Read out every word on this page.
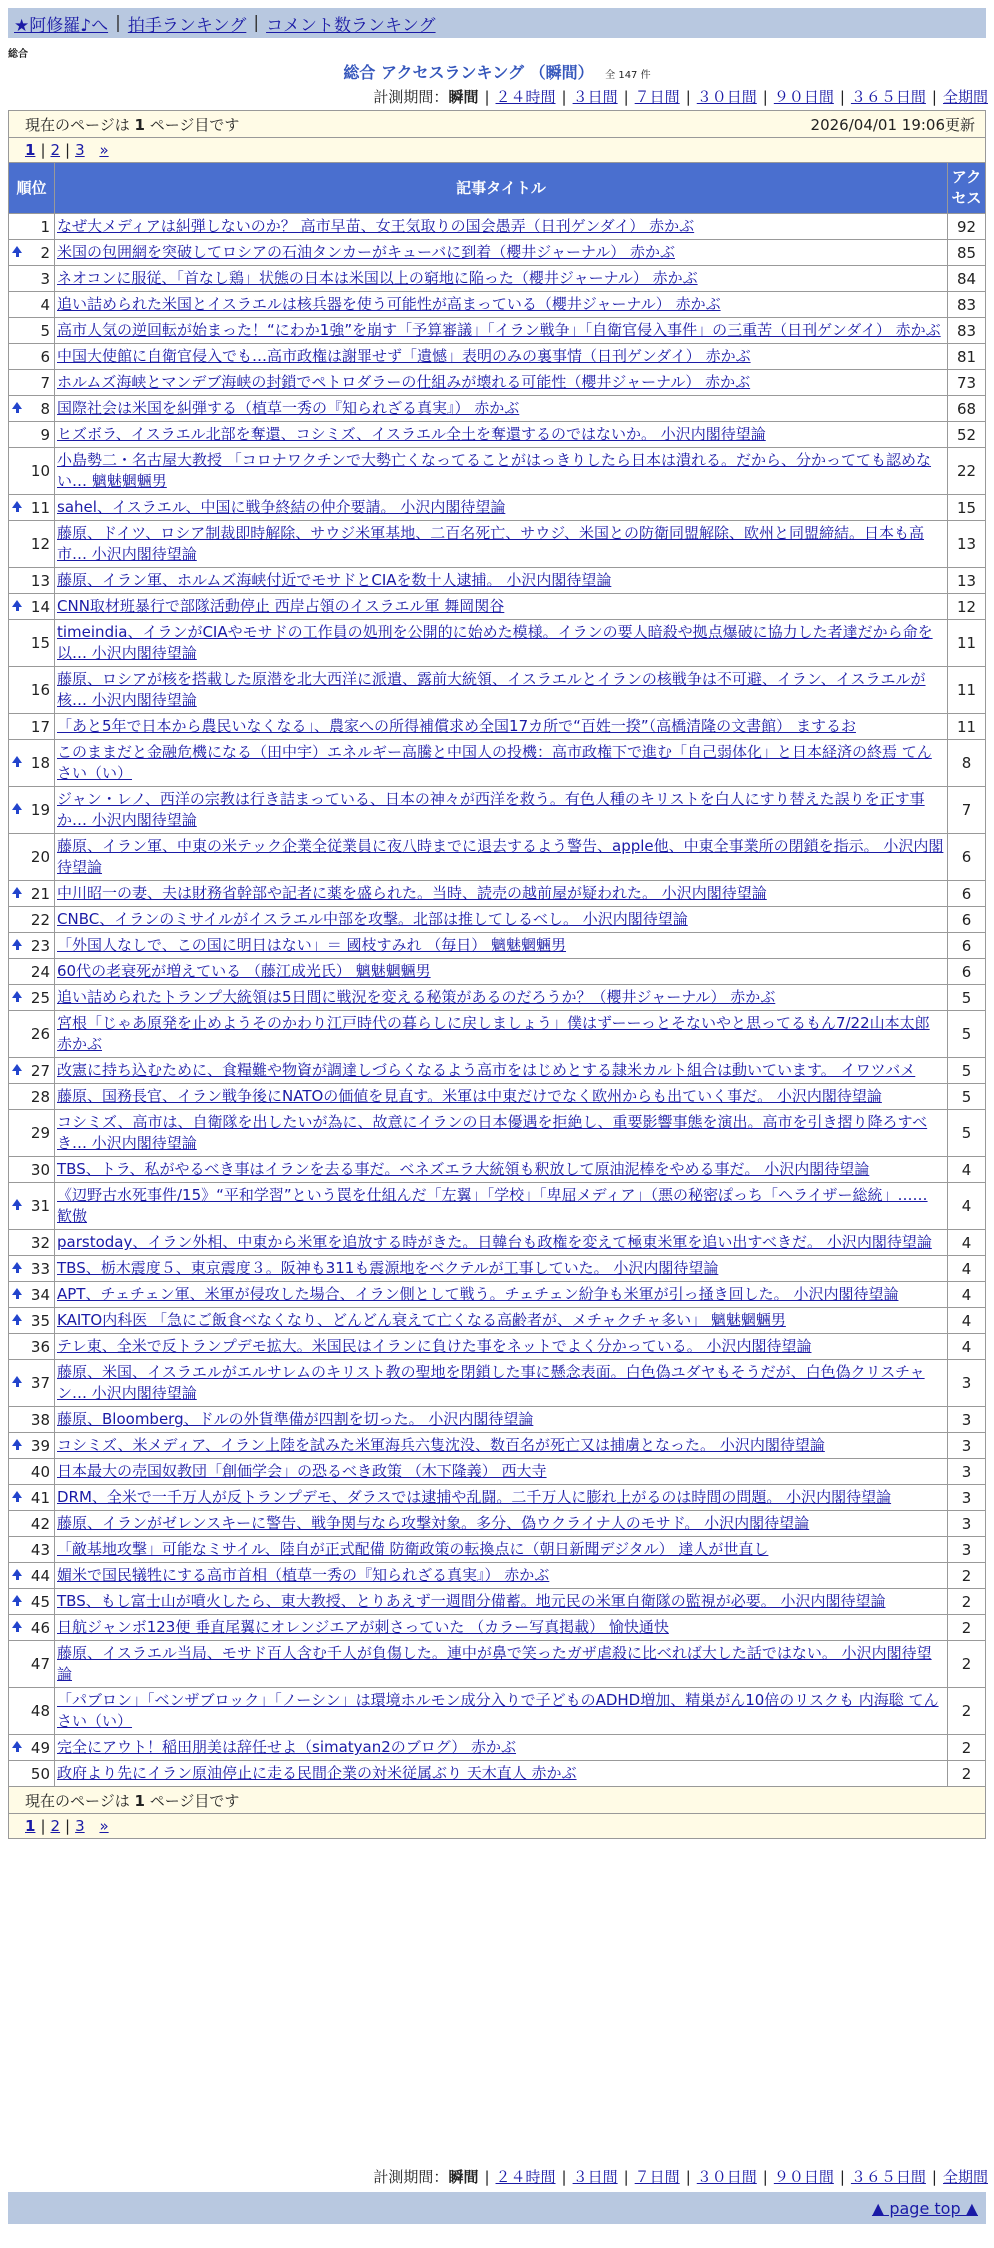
★阿修羅♪へ | 拍手ランキング | コメント数ランキング
総合
総合 アクセスランキング （瞬間） 全 147 件
計測期間：瞬間 | ２４時間 | ３日間 | ７日間 | ３０日間 | ９０日間 | ３６５日間 | 全期間
現在のページは 1 ページ目です 2026/04/01 19:06更新		

1 | 2 | 3 »		
順位	記事タイトル	アクセス
1	なぜ大メディアは糾弾しないのか？ 高市早苗、女王気取りの国会愚弄（日刊ゲンダイ） 赤かぶ	92

2	米国の包囲網を突破してロシアの石油タンカーがキューバに到着（櫻井ジャーナル） 赤かぶ	85
3	ネオコンに服従、「首なし鶏」状態の日本は米国以上の窮地に陥った（櫻井ジャーナル） 赤かぶ	84
4	追い詰められた米国とイスラエルは核兵器を使う可能性が高まっている（櫻井ジャーナル） 赤かぶ	83
5	高市人気の逆回転が始まった！“にわか1強”を崩す「予算審議」「イラン戦争」「自衛官侵入事件」の三重苦（日刊ゲンダイ） 赤かぶ	83
6	中国大使館に自衛官侵入でも…高市政権は謝罪せず「遺憾」表明のみの裏事情（日刊ゲンダイ） 赤かぶ	81
7	ホルムズ海峡とマンデブ海峡の封鎖でペトロダラーの仕組みが壊れる可能性（櫻井ジャーナル） 赤かぶ	73

8	国際社会は米国を糾弾する（植草一秀の『知られざる真実』） 赤かぶ	68
9	ヒズボラ、イスラエル北部を奪還、コシミズ、イスラエル全土を奪還するのではないか。 小沢内閣待望論	52
10	小島勢二・名古屋大教授 「コロナワクチンで大勢亡くなってることがはっきりしたら日本は潰れる。だから、分かってても認めない… 魑魅魍魎男	22

11	sahel、イスラエル、中国に戦争終結の仲介要請。 小沢内閣待望論	15
12	藤原、ドイツ、ロシア制裁即時解除、サウジ米軍基地、二百名死亡、サウジ、米国との防衛同盟解除、欧州と同盟締結。日本も高市… 小沢内閣待望論	13
13	藤原、イラン軍、ホルムズ海峡付近でモサドとCIAを数十人逮捕。 小沢内閣待望論	13

14	CNN取材班暴行で部隊活動停止 西岸占領のイスラエル軍 舞岡関谷	12
15	timeindia、イランがCIAやモサドの工作員の処刑を公開的に始めた模様。イランの要人暗殺や拠点爆破に協力した者達だから命を以… 小沢内閣待望論	11
16	藤原、ロシアが核を搭載した原潜を北大西洋に派遣、露前大統領、イスラエルとイランの核戦争は不可避、イラン、イスラエルが核… 小沢内閣待望論	11
17	「あと5年で日本から農民いなくなる」、農家への所得補償求め全国17カ所で“百姓一揆”（高橋清隆の文書館） まするお	11

18	このままだと金融危機になる（田中宇）エネルギー高騰と中国人の投機：高市政権下で進む「自己弱体化」と日本経済の終焉 てんさい（い）	8

19	ジャン・レノ、西洋の宗教は行き詰まっている、日本の神々が西洋を救う。有色人種のキリストを白人にすり替えた誤りを正す事か… 小沢内閣待望論	7
20	藤原、イラン軍、中東の米テック企業全従業員に夜八時までに退去するよう警告、apple他、中東全事業所の閉鎖を指示。 小沢内閣待望論	6

21	中川昭一の妻、夫は財務省幹部や記者に薬を盛られた。当時、読売の越前屋が疑われた。 小沢内閣待望論	6
22	CNBC、イランのミサイルがイスラエル中部を攻撃。北部は推してしるべし。 小沢内閣待望論	6

23	「外国人なしで、この国に明日はない」＝ 國枝すみれ （毎日） 魑魅魍魎男	6
24	60代の老衰死が増えている （藤江成光氏） 魑魅魍魎男	6

25	追い詰められたトランプ大統領は5日間に戦況を変える秘策があるのだろうか？（櫻井ジャーナル） 赤かぶ	5
26	宮根「じゃあ原発を止めようそのかわり江戸時代の暮らしに戻しましょう」僕はずーーっとそないやと思ってるもん7/22山本太郎 赤かぶ	5

27	改憲に持ち込むために、食糧難や物資が調達しづらくなるよう高市をはじめとする隷米カルト組合は動いています。 イワツバメ	5
28	藤原、国務長官、イラン戦争後にNATOの価値を見直す。米軍は中東だけでなく欧州からも出ていく事だ。 小沢内閣待望論	5
29	コシミズ、高市は、自衛隊を出したいが為に、故意にイランの日本優遇を拒絶し、重要影響事態を演出。高市を引き摺り降ろすべき… 小沢内閣待望論	5
30	TBS、トラ、私がやるべき事はイランを去る事だ。ベネズエラ大統領も釈放して原油泥棒をやめる事だ。 小沢内閣待望論	4

31	《辺野古水死事件/15》“平和学習”という罠を仕組んだ「左翼」「学校」「卑屈メディア」（悪の秘密ぽっち「ヘライザー総統」…… 歓傲	4
32	parstoday、イラン外相、中東から米軍を追放する時がきた。日韓台も政権を変えて極東米軍を追い出すべきだ。 小沢内閣待望論	4

33	TBS、栃木震度５、東京震度３。阪神も311も震源地をベクテルが工事していた。 小沢内閣待望論	4

34	APT、チェチェン軍、米軍が侵攻した場合、イラン側として戦う。チェチェン紛争も米軍が引っ掻き回した。 小沢内閣待望論	4

35	KAITO内科医 「急にご飯食べなくなり、どんどん衰えて亡くなる高齢者が、メチャクチャ多い」 魑魅魍魎男	4
36	テレ東、全米で反トランプデモ拡大。米国民はイランに負けた事をネットでよく分かっている。 小沢内閣待望論	4

37	藤原、米国、イスラエルがエルサレムのキリスト教の聖地を閉鎖した事に懸念表面。白色偽ユダヤもそうだが、白色偽クリスチャン… 小沢内閣待望論	3
38	藤原、Bloomberg、ドルの外貨準備が四割を切った。 小沢内閣待望論	3

39	コシミズ、米メディア、イラン上陸を試みた米軍海兵六隻沈没、数百名が死亡又は捕虜となった。 小沢内閣待望論	3
40	日本最大の売国奴教団「創価学会」の恐るべき政策 （木下隆義） 西大寺	3

41	DRM、全米で一千万人が反トランプデモ、ダラスでは逮捕や乱闘。二千万人に膨れ上がるのは時間の問題。 小沢内閣待望論	3
42	藤原、イランがゼレンスキーに警告、戦争関与なら攻撃対象。多分、偽ウクライナ人のモサド。 小沢内閣待望論	3
43	「敵基地攻撃」可能なミサイル、陸自が正式配備 防衛政策の転換点に（朝日新聞デジタル） 達人が世直し	3

44	媚米で国民犠牲にする高市首相（植草一秀の『知られざる真実』） 赤かぶ	2

45	TBS、もし富士山が噴火したら、東大教授、とりあえず一週間分備蓄。地元民の米軍自衛隊の監視が必要。 小沢内閣待望論	2

46	日航ジャンボ123便 垂直尾翼にオレンジエアが刺さっていた （カラー写真掲載） 愉快通快	2
47	藤原、イスラエル当局、モサド百人含む千人が負傷した。連中が鼻で笑ったガザ虐殺に比べれば大した話ではない。 小沢内閣待望論	2
48	「パブロン」「ベンザブロック」「ノーシン」は環境ホルモン成分入りで子どものADHD増加、精巣がん10倍のリスクも 内海聡 てんさい（い）	2

49	完全にアウト！稲田朋美は辞任せよ（simatyan2のブログ） 赤かぶ	2
50	政府より先にイラン原油停止に走る民間企業の対米従属ぶり 天木直人 赤かぶ	2
現在のページは 1 ページ目です		
1 | 2 | 3 »		
計測期間：瞬間 | ２４時間 | ３日間 | ７日間 | ３０日間 | ９０日間 | ３６５日間 | 全期間
▲ page top ▲
